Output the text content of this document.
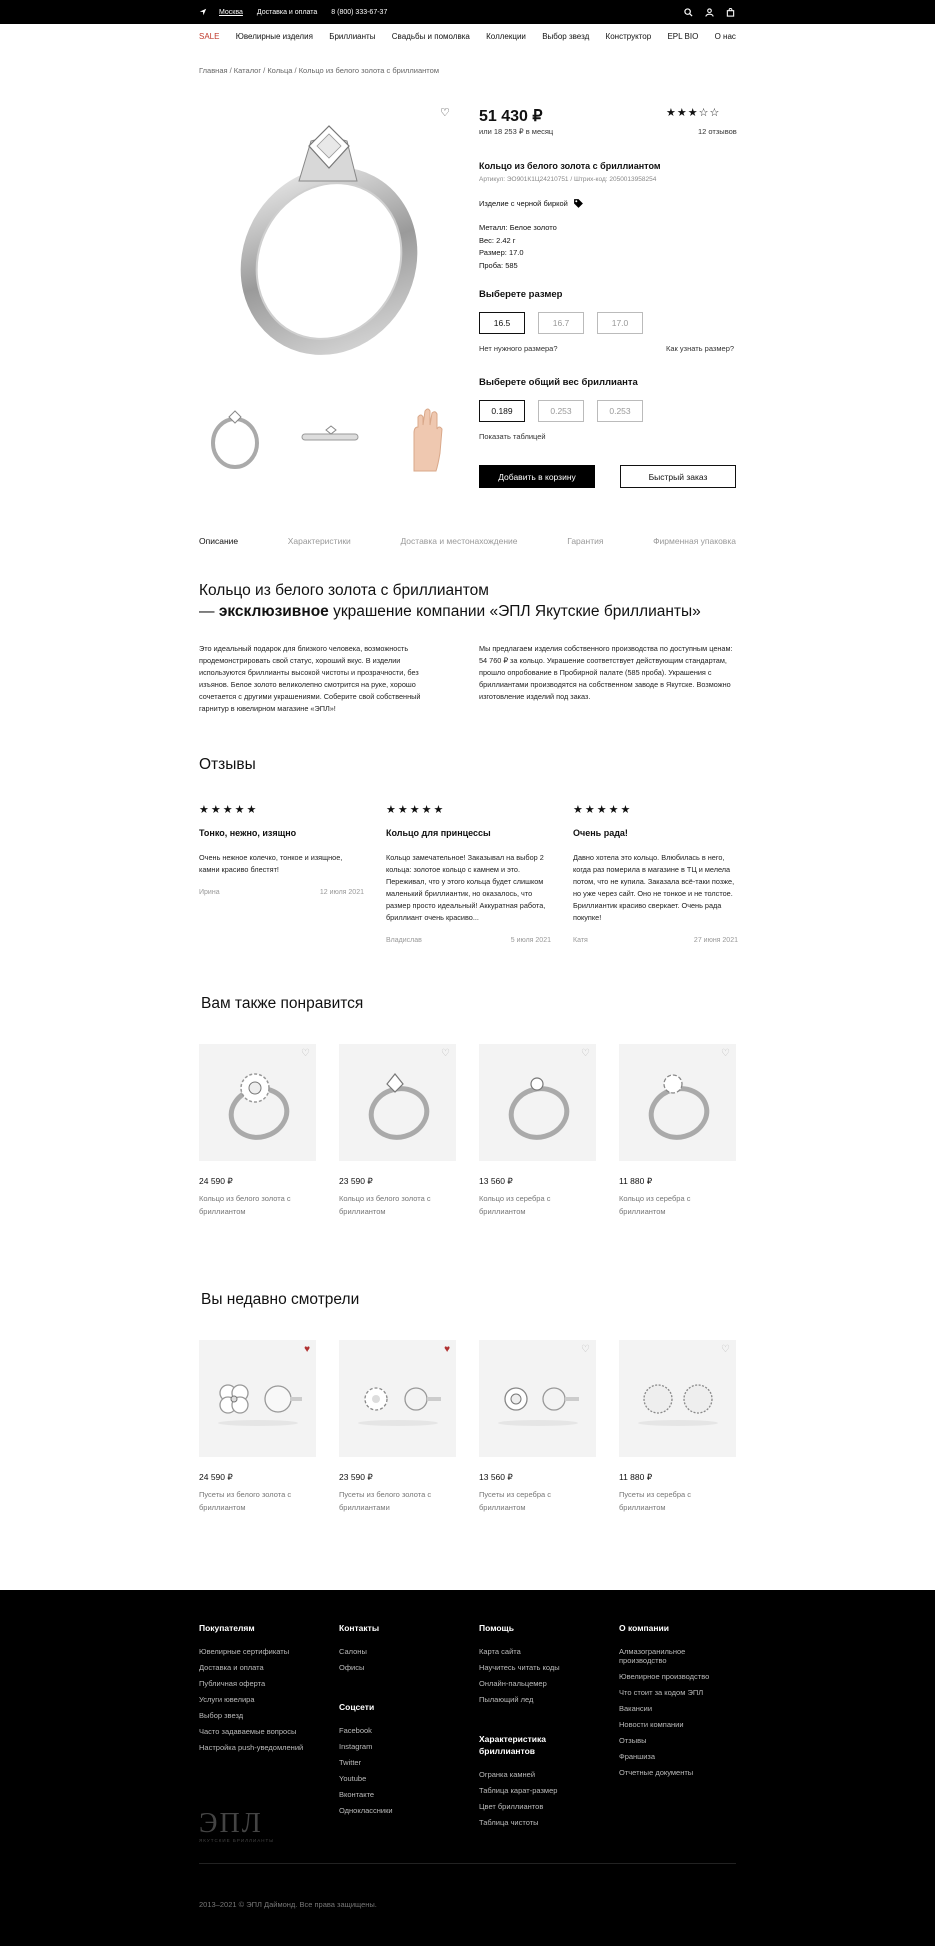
Москва Доставка и оплата 8 (800) 333-67-37
SALE Ювелирные изделия Бриллианты Свадьбы и помолвка Коллекции Выбор звезд Конструктор EPL BIO О нас
Главная / Каталог / Кольца / Кольцо из белого золота с бриллиантом
♡ 51 430 ₽
или 18 253 ₽ в месяц
★★★☆☆
12 отзывов
Кольцо из белого золота с бриллиантом
Артикул: ЭО901К1Ц24210751 / Штрих-код: 2050013958254
Изделие с черной биркой
Металл: Белое золото
Вес: 2.42 г
Размер: 17.0
Проба: 585
Выберете размер
16.5	16.7	17.0
Нет нужного размера?	Как узнать размер?
Выберете общий вес бриллианта
0.189	0.253	0.253
Показать таблицей
Добавить в корзину	Быстрый заказ
Описание	Характеристики	Доставка и местонахождение	Гарантия	Фирменная упаковка
Кольцо из белого золота с бриллиантом
— эксклюзивное украшение компании «ЭПЛ Якутские бриллианты»
Это идеальный подарок для близкого человека, возможность продемонстрировать свой статус, хороший вкус. В изделии используются бриллианты высокой чистоты и прозрачности, без изъянов. Белое золото великолепно смотрится на руке, хорошо сочетается с другими украшениями. Соберите свой собственный гарнитур в ювелирном магазине «ЭПЛ»!
Мы предлагаем изделия собственного производства по доступным ценам: 54 760 ₽ за кольцо. Украшение соответствует действующим стандартам, прошло опробование в Пробирной палате (585 проба). Украшения с бриллиантами производятся на собственном заводе в Якутске. Возможно изготовление изделий под заказ.
Отзывы
★★★★★
Тонко, нежно, изящно
Очень нежное колечко, тонкое и изящное, камни красиво блестят!
Ирина	12 июля 2021
★★★★★
Кольцо для принцессы
Кольцо замечательное! Заказывал на выбор 2 кольца: золотое кольцо с камнем и это. Переживал, что у этого кольца будет слишком маленький бриллиантик, но оказалось, что размер просто идеальный! Аккуратная работа, бриллиант очень красиво...
Владислав	5 июля 2021
★★★★★
Очень рада!
Давно хотела это кольцо. Влюбилась в него, когда раз померила в магазине в ТЦ и мелела потом, что не купила. Заказала всё-таки позже, но уже через сайт. Оно не тонкое и не толстое. Бриллиантик красиво сверкает. Очень рада покупке!
Катя	27 июня 2021
Вам также понравится
♡
24 590 ₽
Кольцо из белого золота с бриллиантом
♡
23 590 ₽
Кольцо из белого золота с бриллиантом
♡
13 560 ₽
Кольцо из серебра с бриллиантом
♡
11 880 ₽
Кольцо из серебра с бриллиантом
Вы недавно смотрели
♥
24 590 ₽
Пусеты из белого золота с бриллиантом
♥
23 590 ₽
Пусеты из белого золота с бриллиантами
♡
13 560 ₽
Пусеты из серебра с бриллиантом
♡
11 880 ₽
Пусеты из серебра с бриллиантом
Покупателям
Ювелирные сертификаты
Доставка и оплата
Публичная оферта
Услуги ювелира
Выбор звезд
Часто задаваемые вопросы
Настройка push-уведомлений
Контакты
Салоны
Офисы
Соцсети
Facebook
Instagram
Twitter
Youtube
Вконтакте
Одноклассники
Помощь
Карта сайта
Научитесь читать коды
Онлайн-пальцемер
Пылающий лед
Характеристика бриллиантов
Огранка камней
Таблица карат-размер
Цвет бриллиантов
Таблица чистоты
О компании
Алмазогранильное производство
Ювелирное производство
Что стоит за кодом ЭПЛ
Вакансии
Новости компании
Отзывы
Франшиза
Отчетные документы
ЭПЛ
ЯКУТСКИЕ БРИЛЛИАНТЫ
2013–2021 © ЭПЛ Даймонд. Все права защищены.
